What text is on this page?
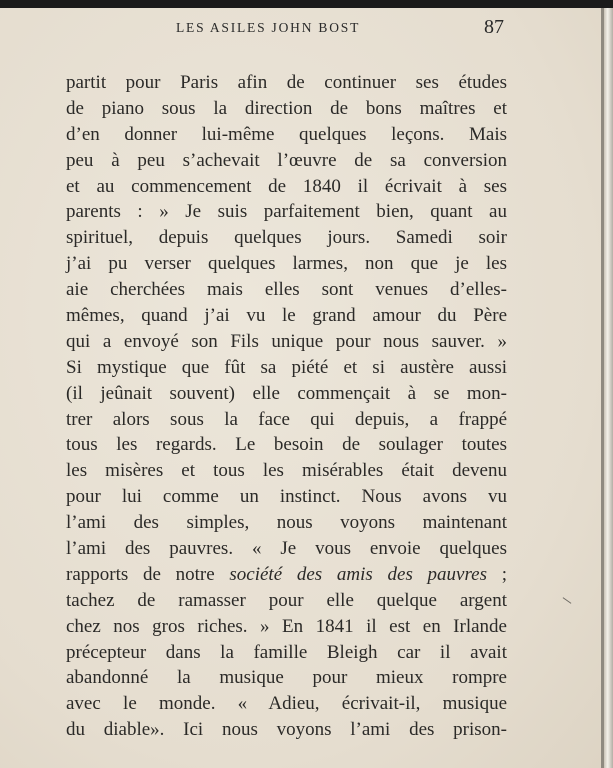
LES ASILES JOHN BOST	87
partit pour Paris afin de continuer ses études
de piano sous la direction de bons maîtres et
d’en donner lui-même quelques leçons. Mais
peu à peu s’achevait l’œuvre de sa conversion
et au commencement de 1840 il écrivait à ses
parents : » Je suis parfaitement bien, quant au
spirituel, depuis quelques jours. Samedi soir
j’ai pu verser quelques larmes, non que je les
aie cherchées mais elles sont venues d’elles-
mêmes, quand j’ai vu le grand amour du Père
qui a envoyé son Fils unique pour nous sauver. »
Si mystique que fût sa piété et si austère aussi
(il jeûnait souvent) elle commençait à se mon-
trer alors sous la face qui depuis, a frappé
tous les regards. Le besoin de soulager toutes
les misères et tous les misérables était devenu
pour lui comme un instinct. Nous avons vu
l’ami des simples, nous voyons maintenant
l’ami des pauvres. « Je vous envoie quelques
rapports de notre société des amis des pauvres ;
tachez de ramasser pour elle quelque argent
chez nos gros riches. » En 1841 il est en Irlande
précepteur dans la famille Bleigh car il avait
abandonné la musique pour mieux rompre
avec le monde. « Adieu, écrivait-il, musique
du diable». Ici nous voyons l’ami des prison-
